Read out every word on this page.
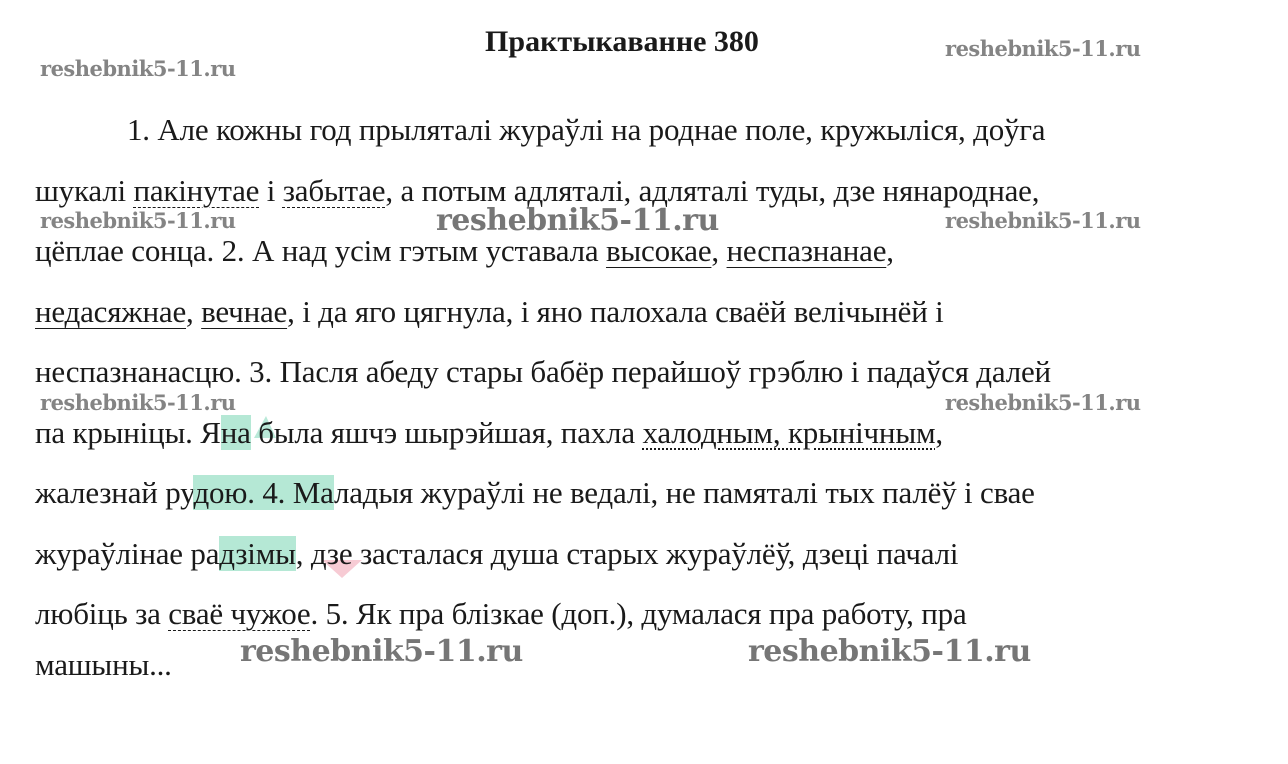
Практыкаванне 380
reshebnik5-11.ru
reshebnik5-11.ru
reshebnik5-11.ru	reshebnik5-11.ru
reshebnik5-11.ru	reshebnik5-11.ru
1. Але кожны год прыляталі жураўлі на роднае поле, кружыліся, доўга
шукалі пакінутае і забытае, а потым адляталі, адляталі туды, дзе нянароднае,
цёплае сонца. 2. А над усім гэтым уставала высокае, неспазнанае,
недасяжнае, вечнае, і да яго цягнула, і яно палохала сваёй велічынёй і
неспазнанасцю. 3. Пасля абеду стары бабёр перайшоў грэблю і падаўся далей
па крыніцы. Яна была яшчэ шырэйшая, пахла халодным, крынічным,
жалезнай рудою. 4. Маладыя жураўлі не ведалі, не памяталі тых палёў і свае
жураўлінае радзімы, дзе засталася душа старых жураўлёў, дзеці пачалі
любіць за сваё чужое. 5. Як пра блізкае (доп.), думалася пра работу, пра
машыны...
reshebnik5-11.ru
reshebnik5-11.ru	reshebnik5-11.ru
